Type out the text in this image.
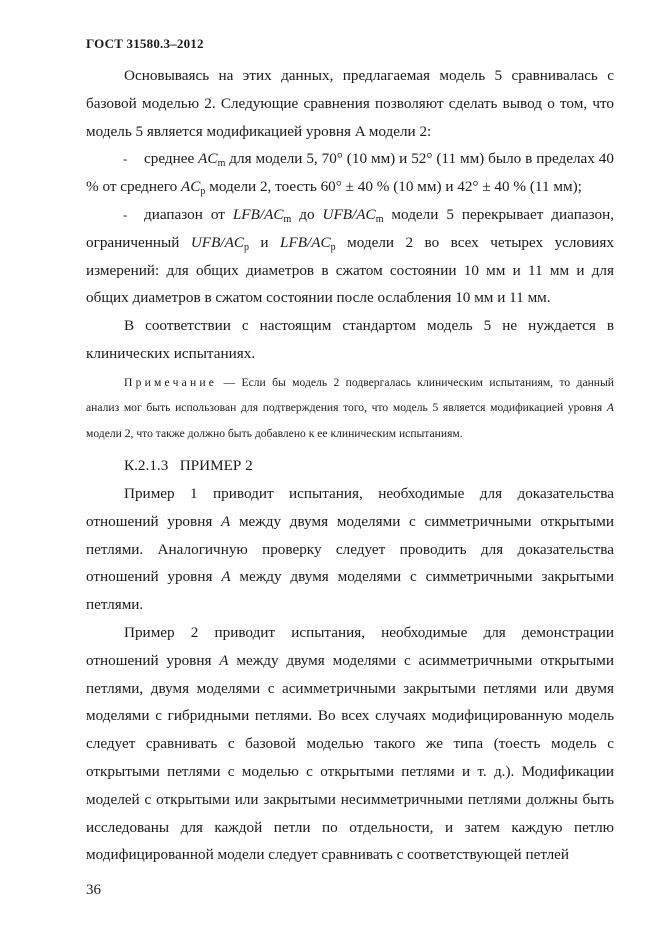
ГОСТ 31580.3–2012

Основываясь на этих данных, предлагаемая модель 5 сравнивалась с базовой моделью 2. Следующие сравнения позволяют сделать вывод о том, что модель 5 является модификацией уровня A модели 2:

- среднее $AC_m$ для модели 5, 70° (10 мм) и 52° (11 мм) было в пределах 40 % от среднего $AC_p$ модели 2, тоесть 60° ± 40 % (10 мм) и 42° ± 40 % (11 мм);

- диапазон от LFB/$AC_m$ до UFB/$AC_m$ модели 5 перекрывает диапазон, ограниченный UFB/$AC_p$ и LFB/$AC_p$ модели 2 во всех четырех условиях измерений: для общих диаметров в сжатом состоянии 10 мм и 11 мм и для общих диаметров в сжатом состоянии после ослабления 10 мм и 11 мм.

В соответствии с настоящим стандартом модель 5 не нуждается в клинических испытаниях.

Примечание — Если бы модель 2 подвергалась клиническим испытаниям, то данный анализ мог быть использован для подтверждения того, что модель 5 является модификацией уровня A модели 2, что также должно быть добавлено к ее клиническим испытаниям.

К.2.1.3 ПРИМЕР 2

Пример 1 приводит испытания, необходимые для доказательства отношений уровня A между двумя моделями с симметричными открытыми петлями. Аналогичную проверку следует проводить для доказательства отношений уровня A между двумя моделями с симметричными закрытыми петлями.

Пример 2 приводит испытания, необходимые для демонстрации отношений уровня A между двумя моделями с асимметричными открытыми петлями, двумя моделями с асимметричными закрытыми петлями или двумя моделями с гибридными петлями. Во всех случаях модифицированную модель следует сравнивать с базовой моделью такого же типа (тоесть модель с открытыми петлями с моделью с открытыми петлями и т. д.). Модификации моделей с открытыми или закрытыми несимметричными петлями должны быть исследованы для каждой петли по отдельности, и затем каждую петлю модифицированной модели следует сравнивать с соответствующей петлей

36
